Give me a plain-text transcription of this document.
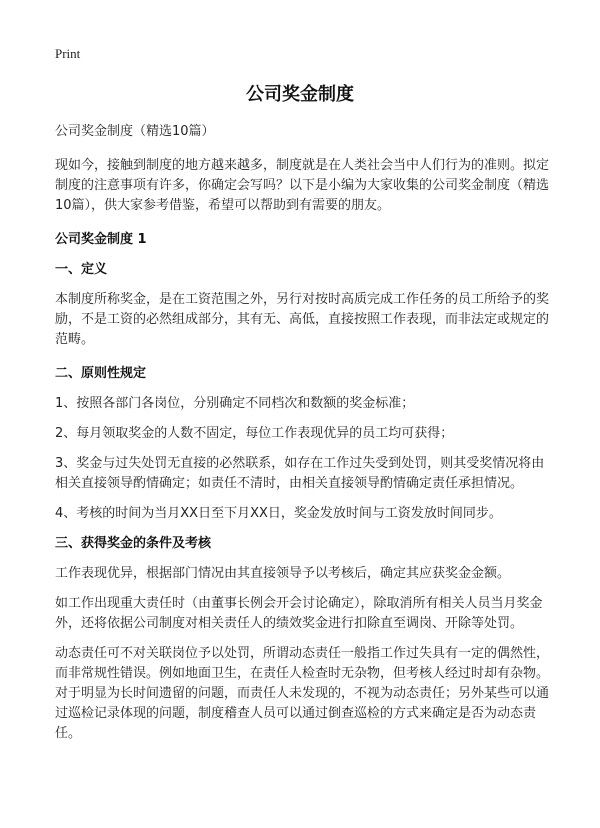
Print
公司奖金制度

公司奖金制度（精选10篇）

现如今，接触到制度的地方越来越多，制度就是在人类社会当中人们行为的准则。拟定制度的注意事项有许多，你确定会写吗？以下是小编为大家收集的公司奖金制度（精选10篇），供大家参考借鉴，希望可以帮助到有需要的朋友。

公司奖金制度 1

一、定义

本制度所称奖金，是在工资范围之外，另行对按时高质完成工作任务的员工所给予的奖励，不是工资的必然组成部分，其有无、高低，直接按照工作表现，而非法定或规定的范畴。

二、原则性规定

1、按照各部门各岗位，分别确定不同档次和数额的奖金标准；

2、每月领取奖金的人数不固定，每位工作表现优异的员工均可获得；

3、奖金与过失处罚无直接的必然联系，如存在工作过失受到处罚，则其受奖情况将由相关直接领导酌情确定；如责任不清时，由相关直接领导酌情确定责任承担情况。

4、考核的时间为当月XX日至下月XX日，奖金发放时间与工资发放时间同步。

三、获得奖金的条件及考核

工作表现优异，根据部门情况由其直接领导予以考核后，确定其应获奖金金额。

如工作出现重大责任时（由董事长例会开会讨论确定），除取消所有相关人员当月奖金外，还将依据公司制度对相关责任人的绩效奖金进行扣除直至调岗、开除等处罚。

动态责任可不对关联岗位予以处罚，所谓动态责任一般指工作过失具有一定的偶然性，而非常规性错误。例如地面卫生，在责任人检查时无杂物，但考核人经过时却有杂物。对于明显为长时间遗留的问题，而责任人未发现的，不视为动态责任；另外某些可以通过巡检记录体现的问题，制度稽查人员可以通过倒查巡检的方式来确定是否为动态责任。
